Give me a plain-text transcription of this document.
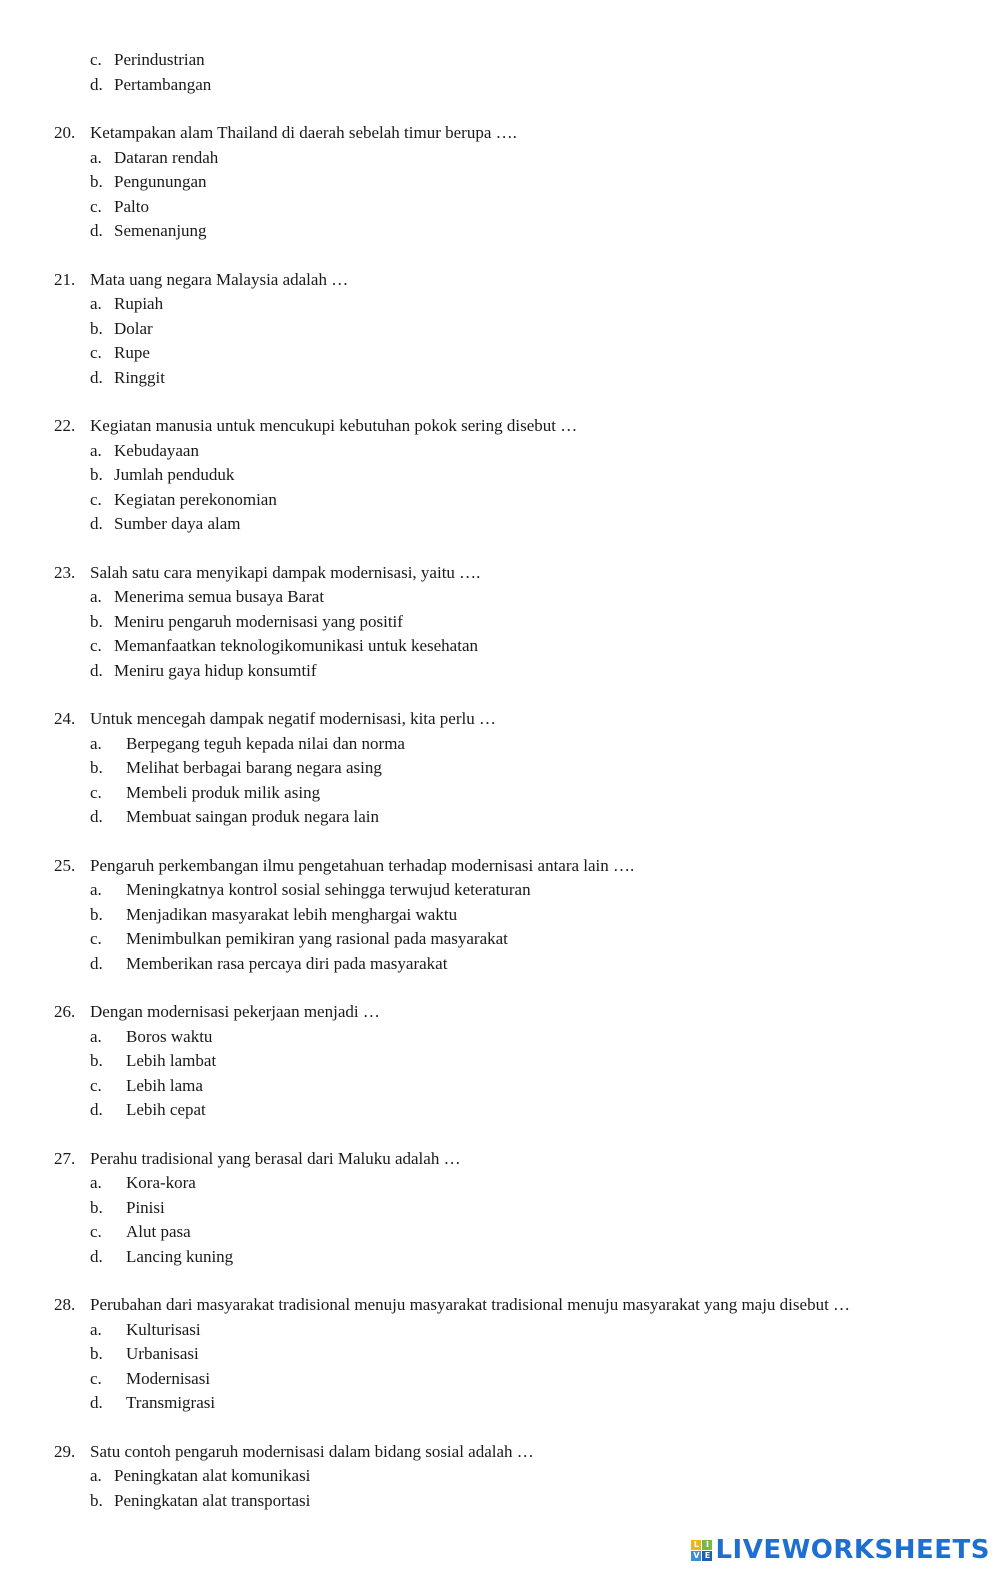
c. Perindustrian
d. Pertambangan
20. Ketampakan alam Thailand di daerah sebelah timur berupa ….
a. Dataran rendah
b. Pengunungan
c. Palto
d. Semenanjung
21. Mata uang negara Malaysia adalah …
a. Rupiah
b. Dolar
c. Rupe
d. Ringgit
22. Kegiatan manusia untuk mencukupi kebutuhan pokok sering disebut …
a. Kebudayaan
b. Jumlah penduduk
c. Kegiatan perekonomian
d. Sumber daya alam
23. Salah satu cara menyikapi dampak modernisasi, yaitu ….
a. Menerima semua busaya Barat
b. Meniru pengaruh modernisasi yang positif
c. Memanfaatkan teknologikomunikasi untuk kesehatan
d. Meniru gaya hidup konsumtif
24. Untuk mencegah dampak negatif modernisasi, kita perlu …
a. Berpegang teguh kepada nilai dan norma
b. Melihat berbagai barang negara asing
c. Membeli produk milik asing
d. Membuat saingan produk negara lain
25. Pengaruh perkembangan ilmu pengetahuan terhadap modernisasi antara lain ….
a. Meningkatnya kontrol sosial sehingga terwujud keteraturan
b. Menjadikan masyarakat lebih menghargai waktu
c. Menimbulkan pemikiran yang rasional pada masyarakat
d. Memberikan rasa percaya diri pada masyarakat
26. Dengan modernisasi pekerjaan menjadi …
a. Boros waktu
b. Lebih lambat
c. Lebih lama
d. Lebih cepat
27. Perahu tradisional yang berasal dari Maluku adalah …
a. Kora-kora
b. Pinisi
c. Alut pasa
d. Lancing kuning
28. Perubahan dari masyarakat tradisional menuju masyarakat tradisional menuju masyarakat yang maju disebut …
a. Kulturisasi
b. Urbanisasi
c. Modernisasi
d. Transmigrasi
29. Satu contoh pengaruh modernisasi dalam bidang sosial adalah …
a. Peningkatan alat komunikasi
b. Peningkatan alat transportasi
L I
V E LIVEWORKSHEETS
